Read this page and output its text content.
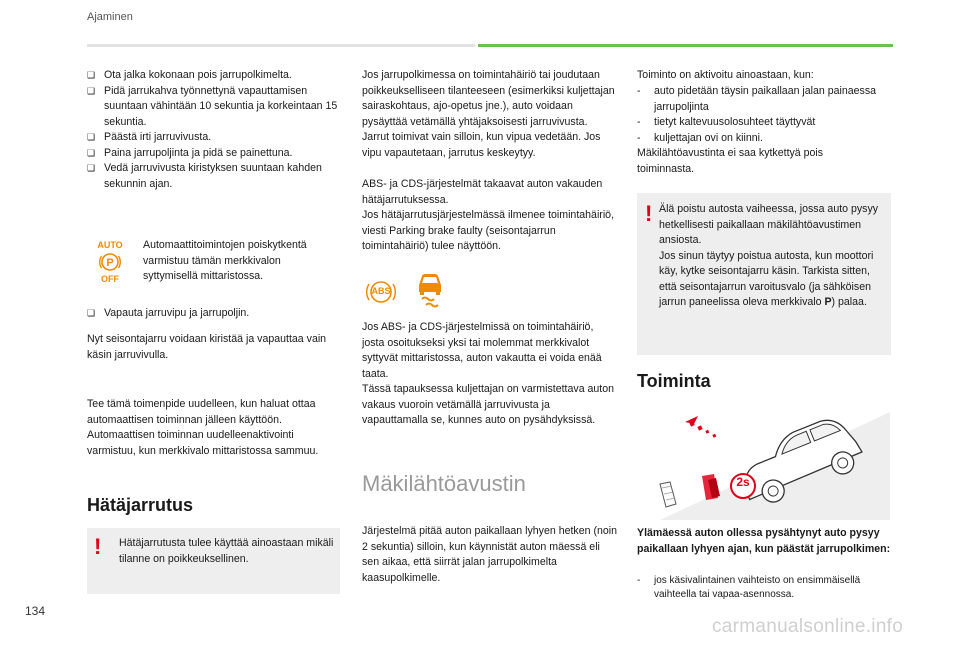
Ajaminen
❑ Ota jalka kokonaan pois jarrupolkimelta.
❑ Pidä jarrukahva työnnettynä vapauttamisen suuntaan vähintään 10 sekuntia ja korkeintaan 15 sekuntia.
❑ Päästä irti jarruvivusta.
❑ Paina jarrupoljinta ja pidä se painettuna.
❑ Vedä jarruvivusta kiristyksen suuntaan kahden sekunnin ajan.
AUTO
P
OFF
Automaattitoimintojen poiskytkentä varmistuu tämän merkkivalon syttymisellä mittaristossa.
❑ Vapauta jarruvipu ja jarrupoljin.

Nyt seisontajarru voidaan kiristää ja vapauttaa vain käsin jarruvivulla.

Tee tämä toimenpide uudelleen, kun haluat ottaa automaattisen toiminnan jälleen käyttöön. Automaattisen toiminnan uudelleenaktivointi varmistuu, kun merkkivalo mittaristossa sammuu.

Hätäjarrutus
! Hätäjarrutusta tulee käyttää ainoastaan mikäli tilanne on poikkeuksellinen.

Jos jarrupolkimessa on toimintahäiriö tai joudutaan poikkeukselliseen tilanteeseen (esimerkiksi kuljettajan sairaskohtaus, ajo-opetus jne.), auto voidaan pysäyttää vetämällä yhtäjaksoisesti jarruvivusta. Jarrut toimivat vain silloin, kun vipua vedetään. Jos vipu vapautetaan, jarrutus keskeytyy.

ABS- ja CDS-järjestelmät takaavat auton vakauden hätäjarrutuksessa.

Jos hätäjarrutusjärjestelmässä ilmenee toimintahäiriö, viesti Parking brake faulty (seisontajarrun toimintahäiriö) tulee näyttöön.

ABS

Jos ABS- ja CDS-järjestelmissä on toimintahäiriö, josta osoitukseksi yksi tai molemmat merkkivalot syttyvät mittaristossa, auton vakautta ei voida enää taata.

Tässä tapauksessa kuljettajan on varmistettava auton vakaus vuoroin vetämällä jarruvivusta ja vapauttamalla se, kunnes auto on pysähdyksissä.

Mäkilähtöavustin

Järjestelmä pitää auton paikallaan lyhyen hetken (noin 2 sekuntia) silloin, kun käynnistät auton mäessä eli sen aikaa, että siirrät jalan jarrupolkimelta kaasupolkimelle.

Toiminto on aktivoitu ainoastaan, kun:

- auto pidetään täysin paikallaan jalan painaessa jarrupoljinta
- tietyt kaltevuusolosuhteet täyttyvät
- kuljettajan ovi on kiinni.

Mäkilähtöavustinta ei saa kytkettyä pois toiminnasta.

! Älä poistu autosta vaiheessa, jossa auto pysyy hetkellisesti paikallaan mäkilähtöavustimen ansiosta.

Jos sinun täytyy poistua autosta, kun moottori käy, kytke seisontajarru käsin. Tarkista sitten, että seisontajarrun varoitusvalo (ja sähköisen jarrun paneelissa oleva merkkivalo P) palaa.

Toiminta
2s

Ylämäessä auton ollessa pysähtynyt auto pysyy paikallaan lyhyen ajan, kun päästät jarrupolkimen:

- jos käsivalintainen vaihteisto on ensimmäisellä vaihteella tai vapaa-asennossa.
134
carmanualsonline.info
